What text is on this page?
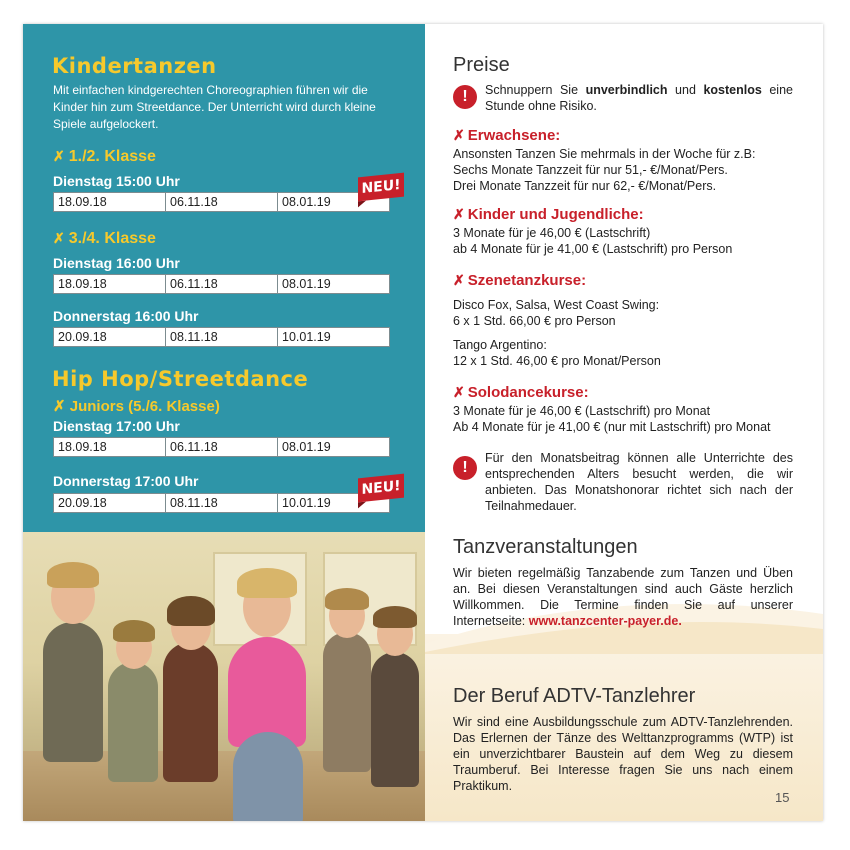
Kindertanzen
Mit einfachen kindgerechten Choreographien führen wir die Kinder hin zum Streetdance. Der Unterricht wird durch kleine Spiele aufgelockert.
✗ 1./2. Klasse
Dienstag 15:00 Uhr
18.09.18	06.11.18	08.01.19
NEU!
✗ 3./4. Klasse
Dienstag 16:00 Uhr
18.09.18	06.11.18	08.01.19
Donnerstag 16:00 Uhr
20.09.18	08.11.18	10.01.19
Hip Hop/Streetdance
✗ Juniors (5./6. Klasse)
Dienstag 17:00 Uhr
18.09.18	06.11.18	08.01.19
Donnerstag 17:00 Uhr
20.09.18	08.11.18	10.01.19
NEU!
Preise
!	Schnuppern Sie unverbindlich und kostenlos eine Stunde ohne Risiko.
✗ Erwachsene:
Ansonsten Tanzen Sie mehrmals in der Woche für z.B:
Sechs Monate Tanzzeit für nur 51,- €/Monat/Pers.
Drei Monate Tanzzeit für nur 62,- €/Monat/Pers.
✗ Kinder und Jugendliche:
3 Monate für je 46,00 € (Lastschrift)
ab 4 Monate für je 41,00 € (Lastschrift) pro Person
✗ Szenetanzkurse:
Disco Fox, Salsa, West Coast Swing:
6 x 1 Std. 66,00 € pro Person
Tango Argentino:
12 x 1 Std. 46,00 € pro Monat/Person
✗ Solodancekurse:
3 Monate für je 46,00 € (Lastschrift) pro Monat
Ab 4 Monate für je 41,00 € (nur mit Lastschrift) pro Monat
!
Für den Monatsbeitrag können alle Unterrichte des entsprechenden Alters besucht werden, die wir anbieten. Das Monatshonorar richtet sich nach der Teilnahmedauer.
Tanzveranstaltungen
Wir bieten regelmäßig Tanzabende zum Tanzen und Üben an. Bei diesen Veranstaltungen sind auch Gäste herzlich Willkommen. Die Termine finden Sie auf unserer Internetseite: www.tanzcenter-payer.de.
Der Beruf ADTV-Tanzlehrer
Wir sind eine Ausbildungsschule zum ADTV-Tanzlehrenden. Das Erlernen der Tänze des Welttanzprogramms (WTP) ist ein unverzichtbarer Baustein auf dem Weg zu diesem Traumberuf. Bei Interesse fragen Sie uns nach einem Praktikum.
15
